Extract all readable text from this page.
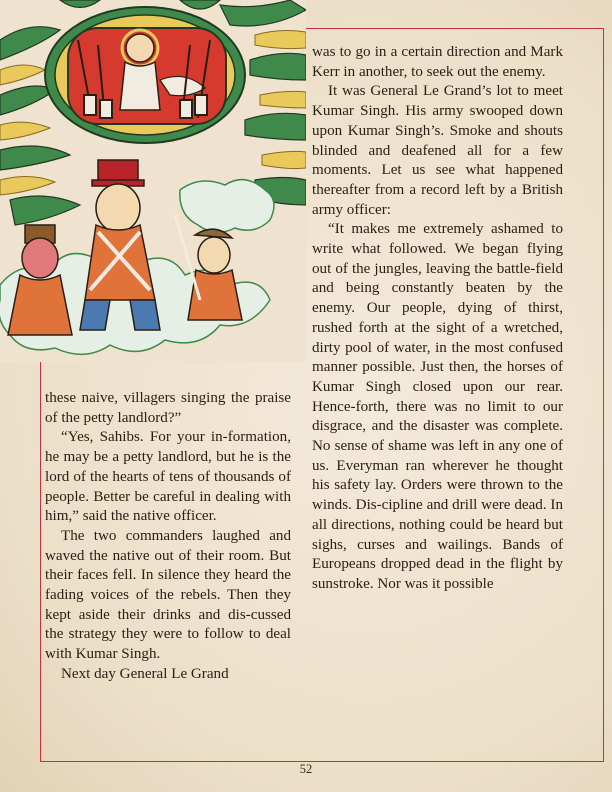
these naive, villagers singing the praise of the petty landlord?”

“Yes, Sahibs. For your in-formation, he may be a petty landlord, but he is the lord of the hearts of tens of thousands of people. Better be careful in dealing with him,” said the native officer.

The two commanders laughed and waved the native out of their room. But their faces fell. In silence they heard the fading voices of the rebels. Then they kept aside their drinks and dis-cussed the strategy they were to follow to deal with Kumar Singh.

Next day General Le Grand

was to go in a certain direction and Mark Kerr in another, to seek out the enemy.

It was General Le Grand’s lot to meet Kumar Singh. His army swooped down upon Kumar Singh’s. Smoke and shouts blinded and deafened all for a few moments. Let us see what happened thereafter from a record left by a British army officer:

“It makes me extremely ashamed to write what followed. We began flying out of the jungles, leaving the battle-field and being constantly beaten by the enemy. Our people, dying of thirst, rushed forth at the sight of a wretched, dirty pool of water, in the most confused manner possible. Just then, the horses of Kumar Singh closed upon our rear. Hence-forth, there was no limit to our disgrace, and the disaster was complete. No sense of shame was left in any one of us. Everyman ran wherever he thought his safety lay. Orders were thrown to the winds. Dis-cipline and drill were dead. In all directions, nothing could be heard but sighs, curses and wailings. Bands of Europeans dropped dead in the flight by sunstroke. Nor was it possible

52
